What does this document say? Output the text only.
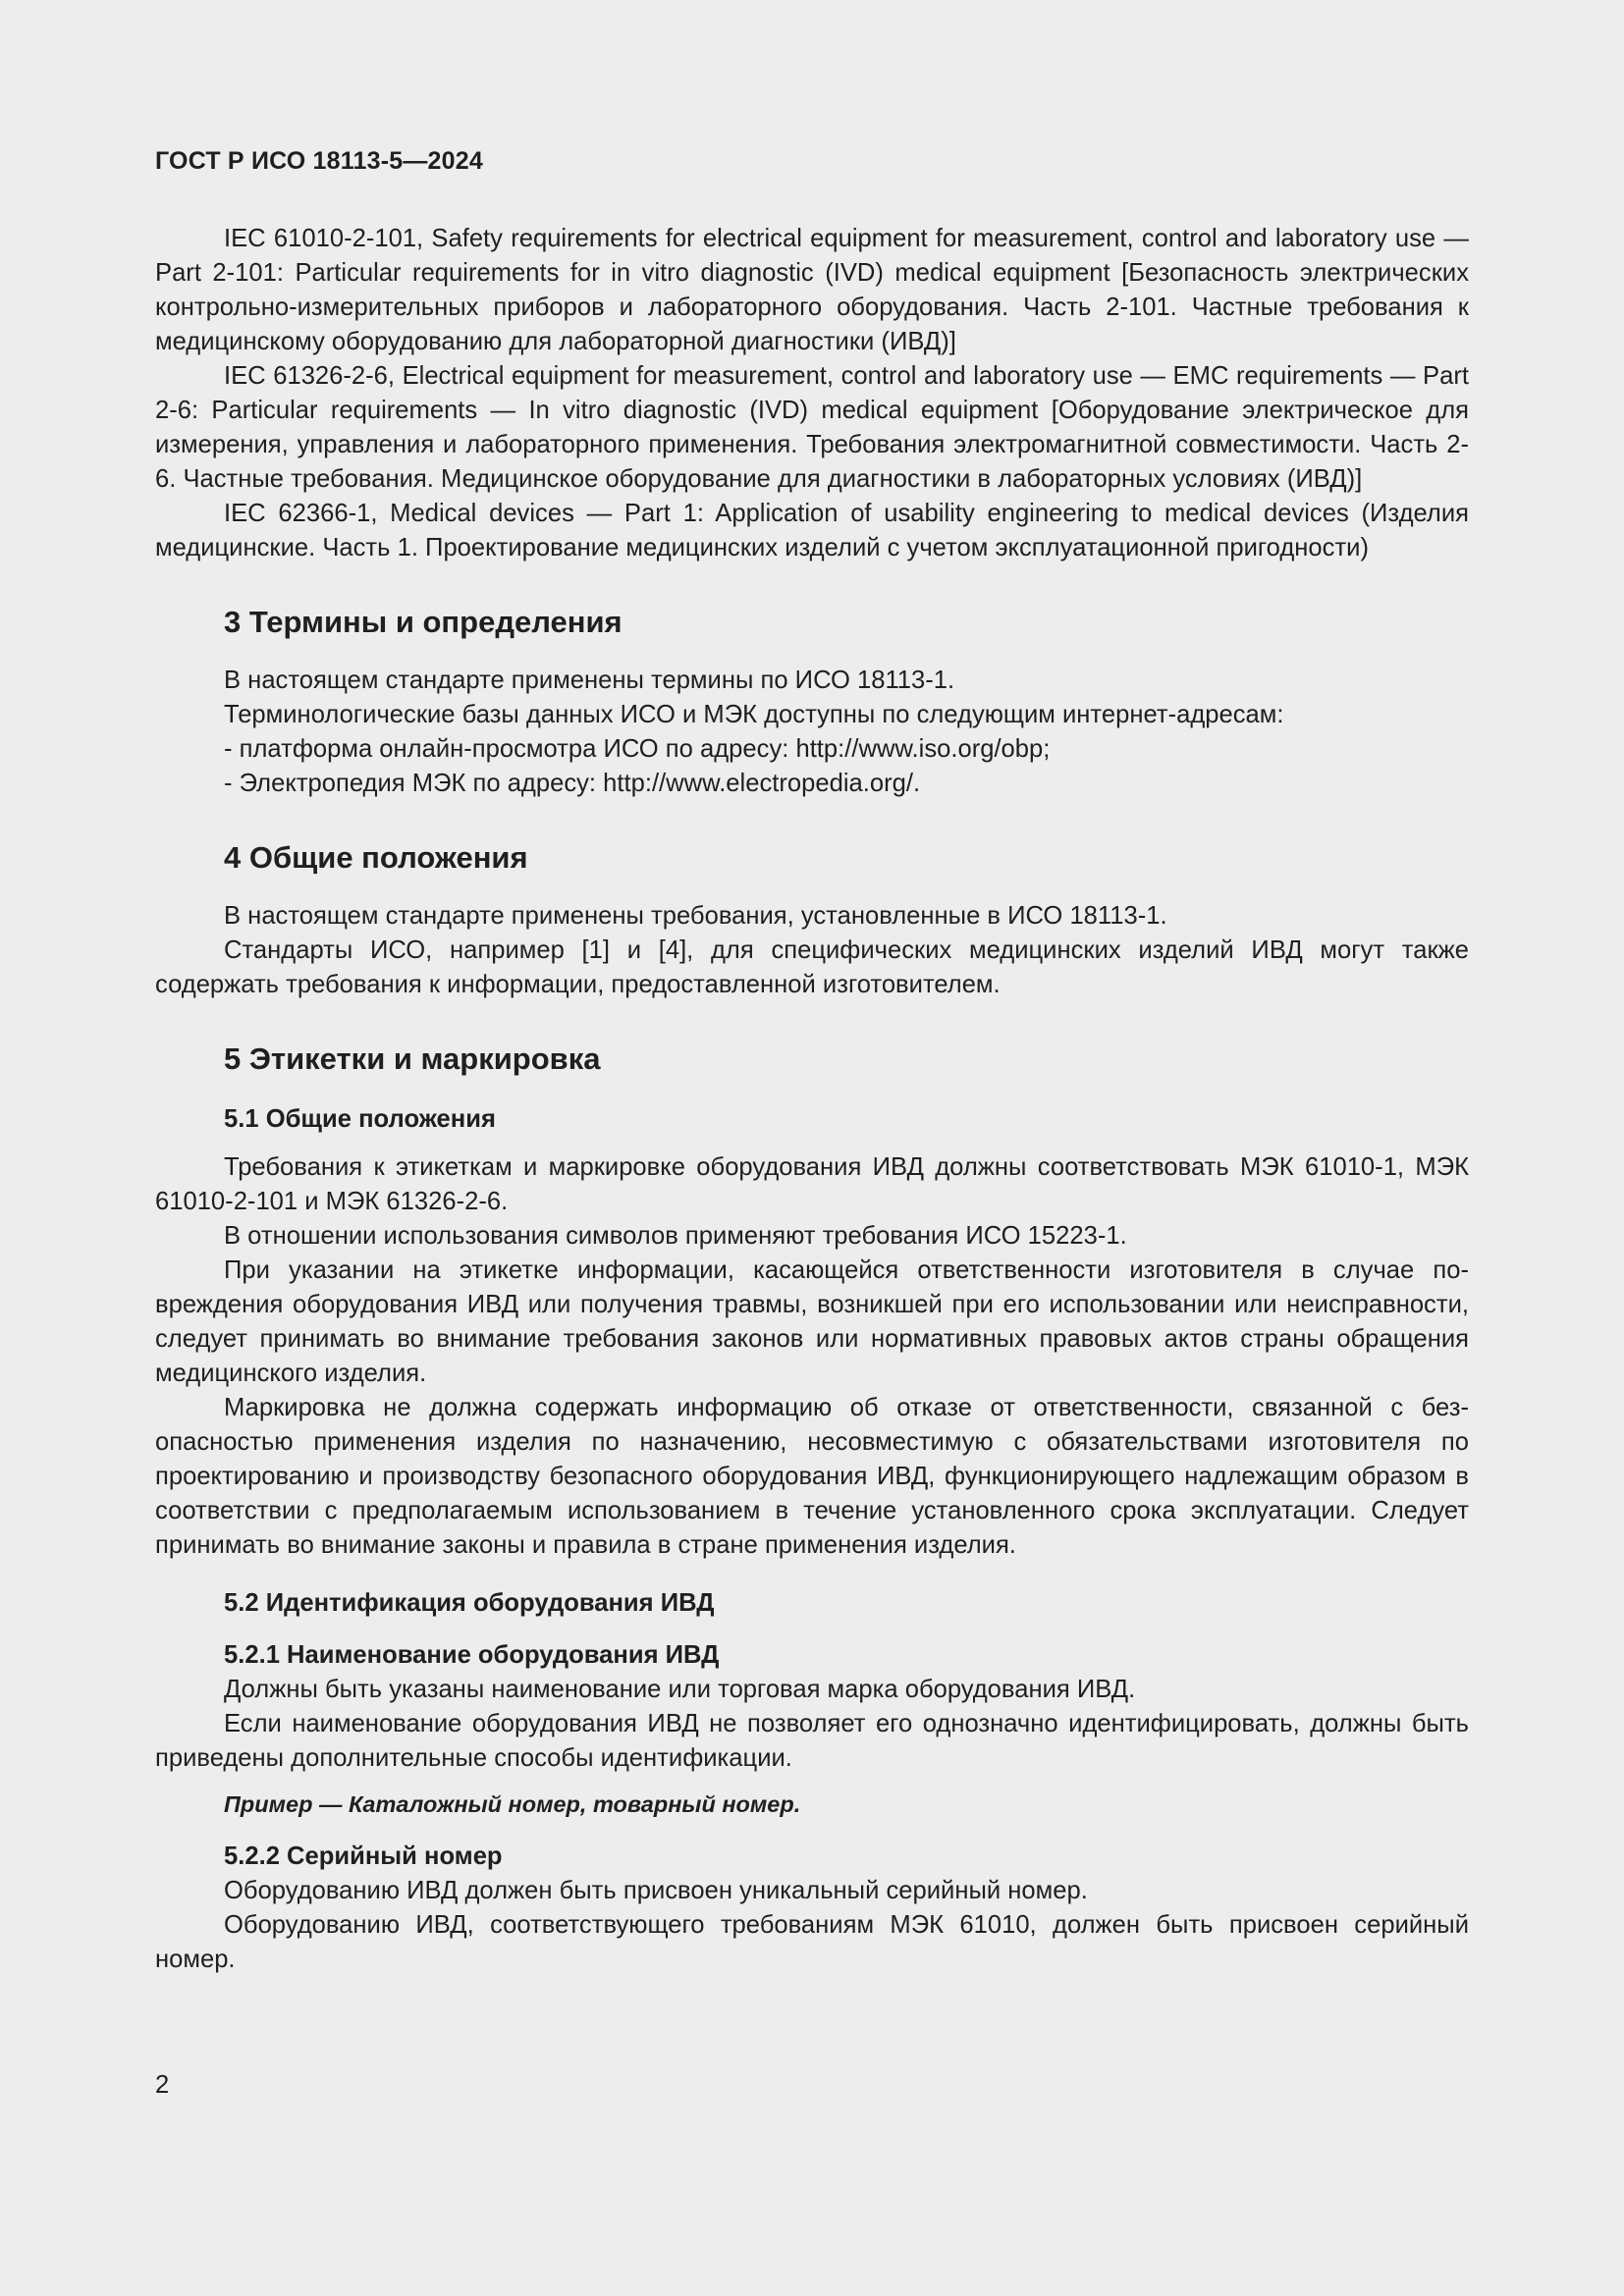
ГОСТ Р ИСО 18113-5—2024

IEC 61010-2-101, Safety requirements for electrical equipment for measurement, control and laboratory use — Part 2-101: Particular requirements for in vitro diagnostic (IVD) medical equipment [Безопасность электрических контрольно-измерительных приборов и лабораторного оборудования. Часть 2-101. Частные требования к медицинскому оборудованию для лабораторной диагностики (ИВД)]

IEC 61326-2-6, Electrical equipment for measurement, control and laboratory use — EMC requirements — Part 2-6: Particular requirements — In vitro diagnostic (IVD) medical equipment [Оборудование электрическое для измерения, управления и лабораторного применения. Требования электромагнитной совместимости. Часть 2-6. Частные требования. Медицинское оборудование для диагностики в лабораторных условиях (ИВД)]

IEC 62366-1, Medical devices — Part 1: Application of usability engineering to medical devices (Изделия медицинские. Часть 1. Проектирование медицинских изделий с учетом эксплуатационной пригодности)

3 Термины и определения

В настоящем стандарте применены термины по ИСО 18113-1.

Терминологические базы данных ИСО и МЭК доступны по следующим интернет-адресам:

- платформа онлайн-просмотра ИСО по адресу: http://www.iso.org/obp;

- Электропедия МЭК по адресу: http://www.electropedia.org/.

4 Общие положения

В настоящем стандарте применены требования, установленные в ИСО 18113-1.

Стандарты ИСО, например [1] и [4], для специфических медицинских изделий ИВД могут также содержать требования к информации, предоставленной изготовителем.

5 Этикетки и маркировка
5.1 Общие положения

Требования к этикеткам и маркировке оборудования ИВД должны соответствовать МЭК 61010-1, МЭК 61010-2-101 и МЭК 61326-2-6.

В отношении использования символов применяют требования ИСО 15223-1.

При указании на этикетке информации, касающейся ответственности изготовителя в случае повреждения оборудования ИВД или получения травмы, возникшей при его использовании или неисправности, следует принимать во внимание требования законов или нормативных правовых актов страны обращения медицинского изделия.

Маркировка не должна содержать информацию об отказе от ответственности, связанной с безопасностью применения изделия по назначению, несовместимую с обязательствами изготовителя по проектированию и производству безопасного оборудования ИВД, функционирующего надлежащим образом в соответствии с предполагаемым использованием в течение установленного срока эксплуатации. Следует принимать во внимание законы и правила в стране применения изделия.

5.2 Идентификация оборудования ИВД
5.2.1 Наименование оборудования ИВД

Должны быть указаны наименование или торговая марка оборудования ИВД.

Если наименование оборудования ИВД не позволяет его однозначно идентифицировать, должны быть приведены дополнительные способы идентификации.

Пример — Каталожный номер, товарный номер.
5.2.2 Серийный номер

Оборудованию ИВД должен быть присвоен уникальный серийный номер.

Оборудованию ИВД, соответствующего требованиям МЭК 61010, должен быть присвоен серийный номер.

2
